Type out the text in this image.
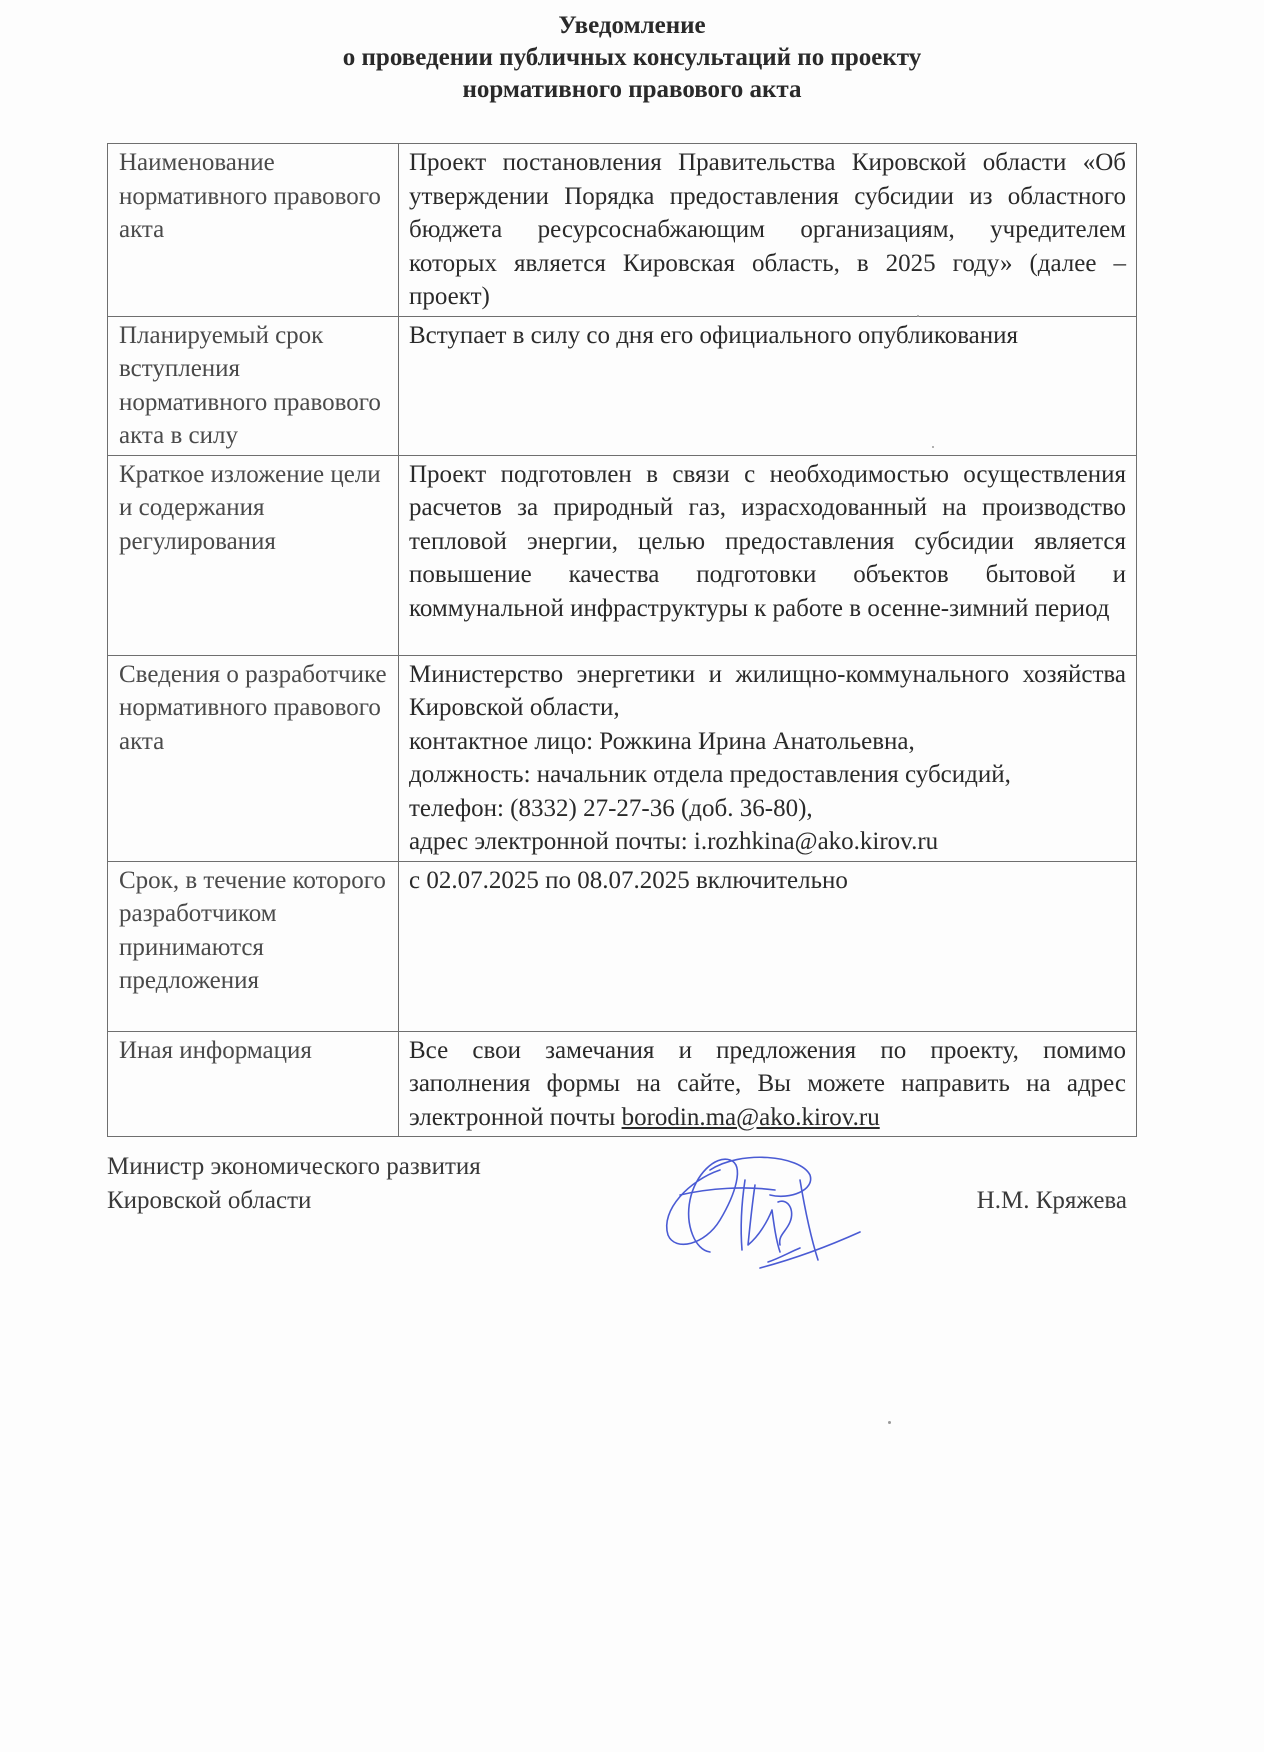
Уведомление
о проведении публичных консультаций по проекту
нормативного правового акта
Наименование нормативного правового акта	Проект постановления Правительства Кировской области «Об утверждении Порядка предоставления субсидии из областного бюджета ресурсоснабжающим организациям, учредителем которых является Кировская область, в 2025 году» (далее – проект)
Планируемый срок вступления нормативного правового акта в силу	Вступает в силу со дня его официального опубликования
Краткое изложение цели и содержания регулирования	Проект подготовлен в связи с необходимостью осуществления расчетов за природный газ, израсходованный на производство тепловой энергии, целью предоставления субсидии является повышение качества подготовки объектов бытовой и коммунальной инфраструктуры к работе в осенне-зимний период
Сведения о разработчике нормативного правового акта	Министерство энергетики и жилищно-коммунального хозяйства Кировской области,
контактное лицо: Рожкина Ирина Анатольевна,
должность: начальник отдела предоставления субсидий,
телефон: (8332) 27-27-36 (доб. 36-80),
адрес электронной почты: i.rozhkina@ako.kirov.ru

Срок, в течение которого разработчиком принимаются предложения	с 02.07.2025 по 08.07.2025 включительно
Иная информация	Все свои замечания и предложения по проекту, помимо заполнения формы на сайте, Вы можете направить на адрес электронной почты borodin.ma@ako.kirov.ru
Министр экономического развития
Кировской области	Н.М. Кряжева
